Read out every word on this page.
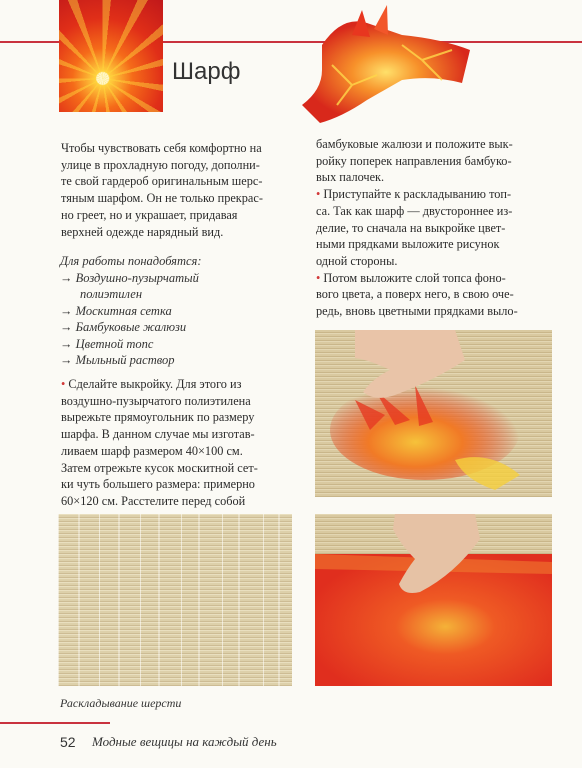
Шарф
Чтобы чувствовать себя комфортно на
улице в прохладную погоду, дополни-
те свой гардероб оригинальным шерс-
тяным шарфом. Он не только прекрас-
но греет, но и украшает, придавая
верхней одежде нарядный вид.
Для работы понадобятся:
→ Воздушно-пузырчатый
полиэтилен
→ Москитная сетка
→ Бамбуковые жалюзи
→ Цветной топс
→ Мыльный раствор
• Сделайте выкройку. Для этого из
воздушно-пузырчатого полиэтилена
вырежьте прямоугольник по размеру
шарфа. В данном случае мы изготав-
ливаем шарф размером 40×100 см.
Затем отрежьте кусок москитной сет-
ки чуть большего размера: примерно
60×120 см. Расстелите перед собой
бамбуковые жалюзи и положите вык-
ройку поперек направления бамбуко-
вых палочек.
• Приступайте к раскладыванию топ-
са. Так как шарф — двустороннее из-
делие, то сначала на выкройке цвет-
ными прядками выложите рисунок
одной стороны.
• Потом выложите слой топса фоно-
вого цвета, а поверх него, в свою оче-
редь, вновь цветными прядками выло-
Раскладывание шерсти
52 Модные вещицы на каждый день
